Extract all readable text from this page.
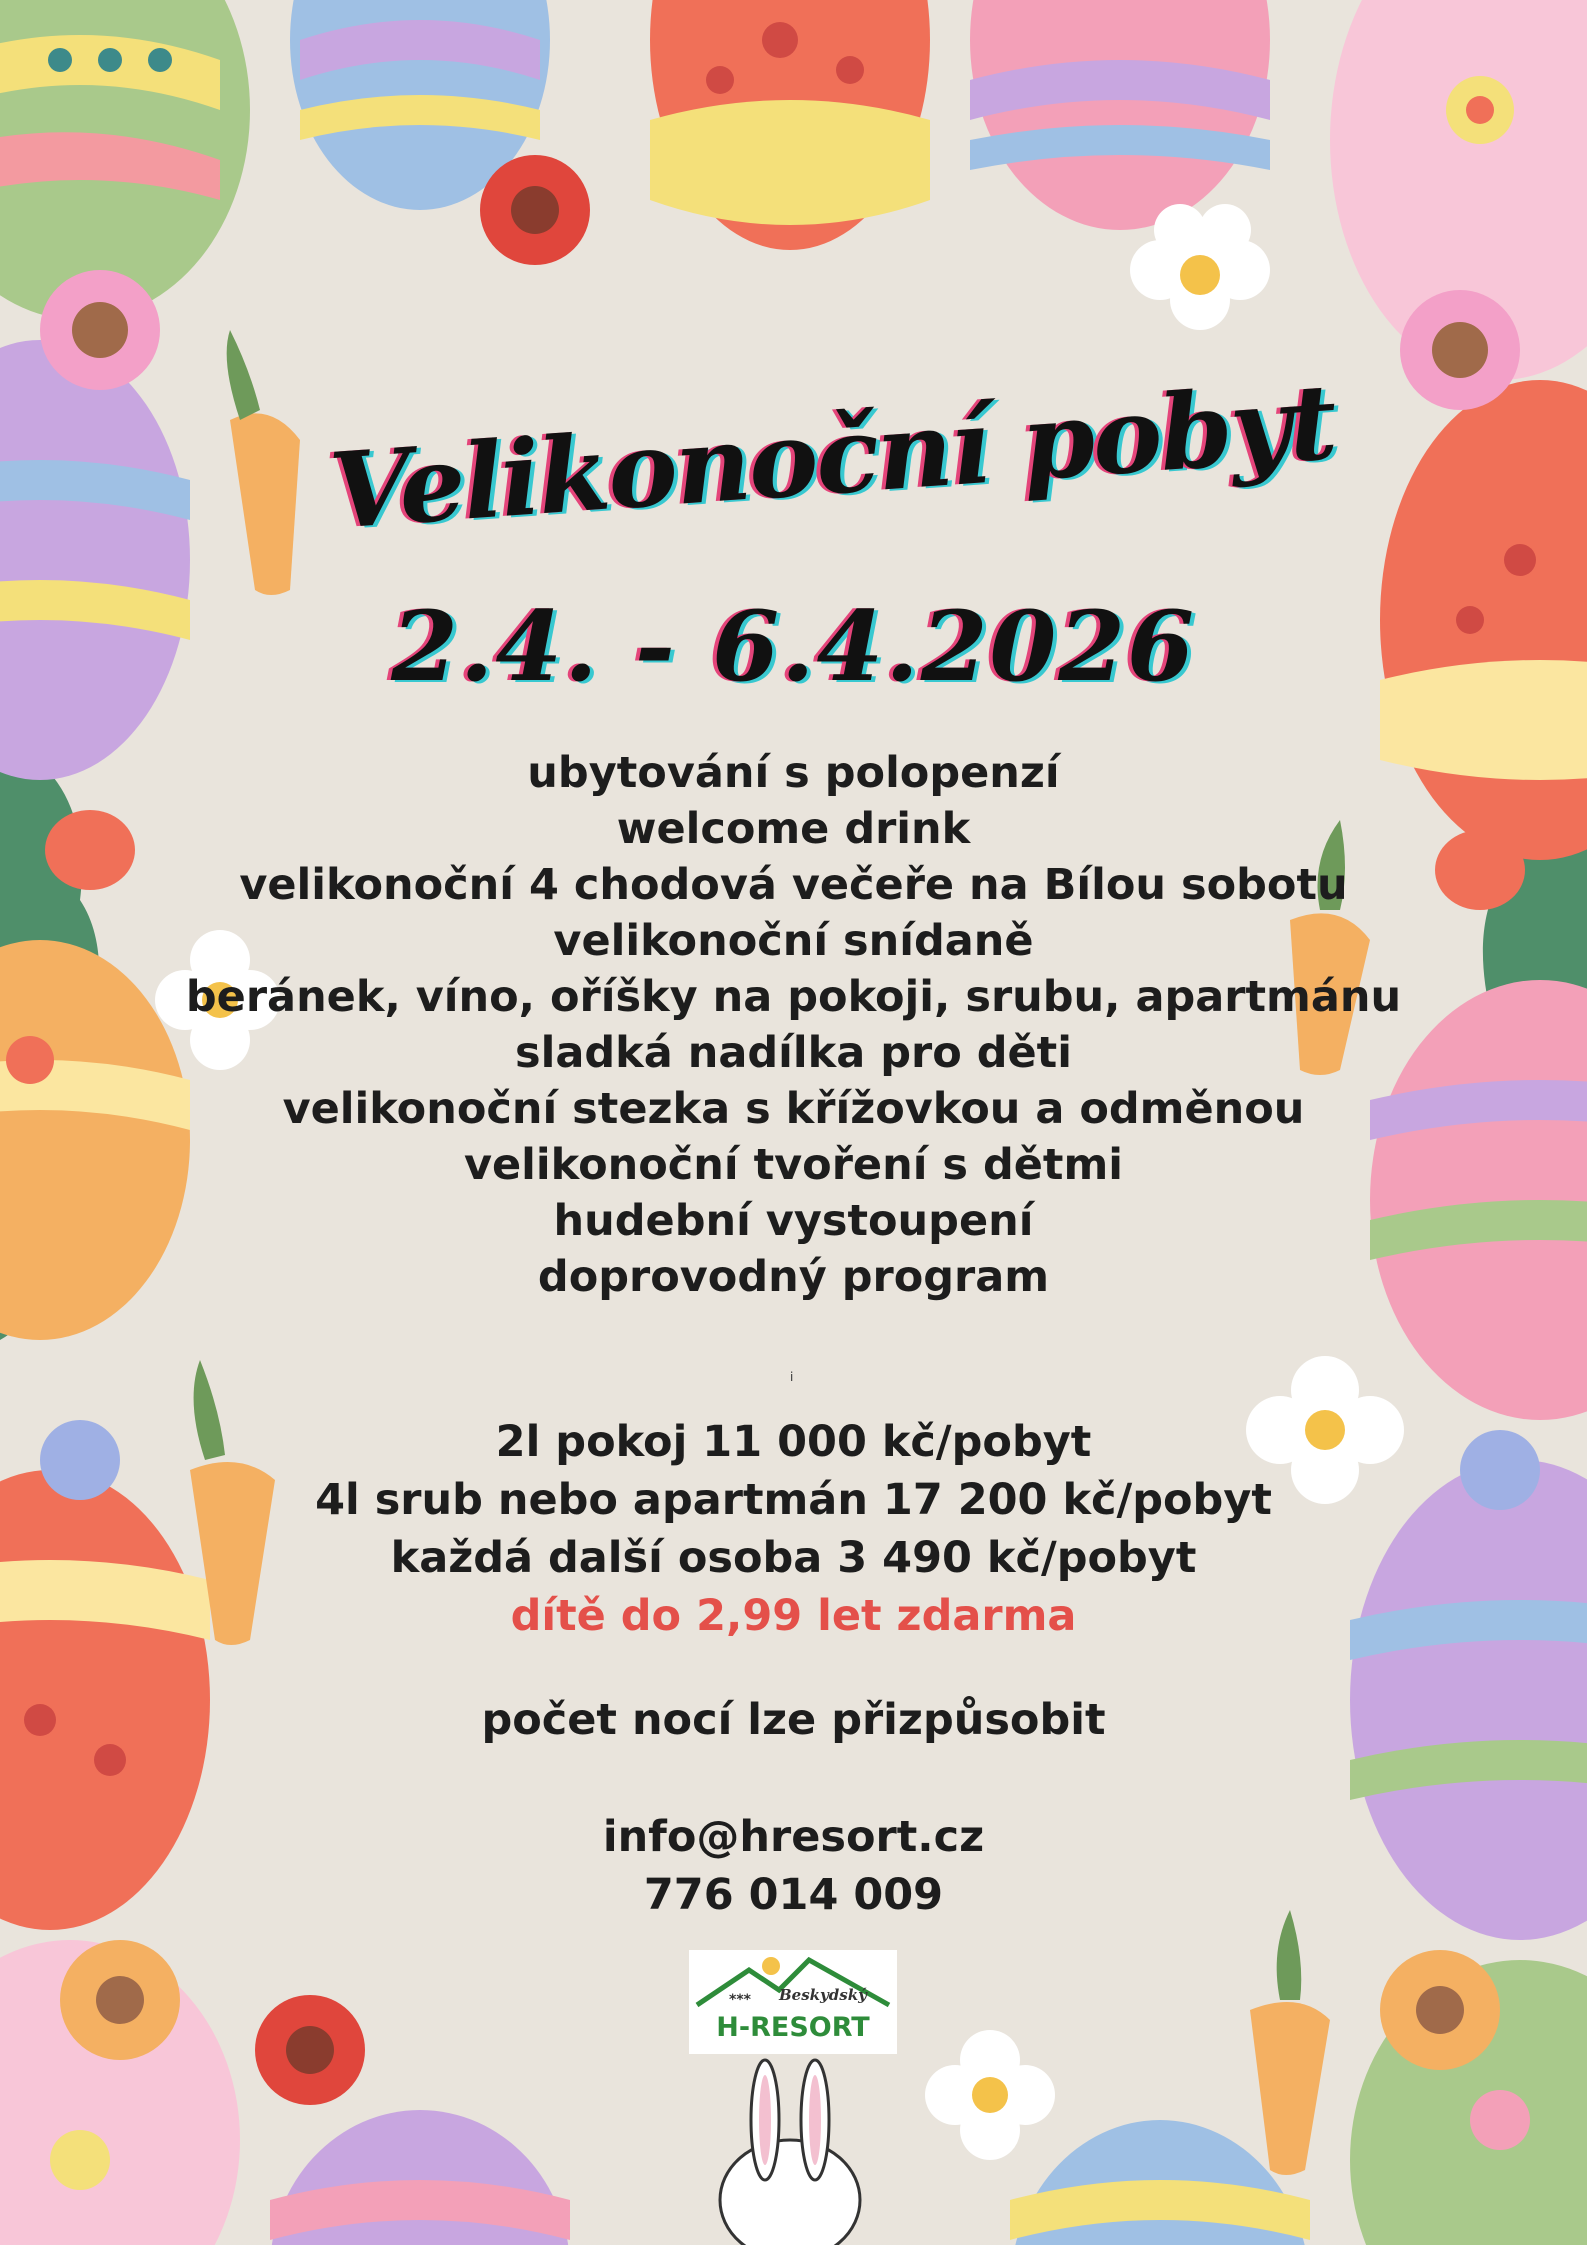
Velikonoční pobyt
2.4. - 6.4.2026
ubytování s polopenzí
welcome drink
velikonoční 4 chodová večeře na Bílou sobotu
velikonoční snídaně
beránek, víno, oříšky na pokoji, srubu, apartmánu
sladká nadílka pro děti
velikonoční stezka s křížovkou a odměnou
velikonoční tvoření s dětmi
hudební vystoupení
doprovodný program
i
2l pokoj 11 000 kč/pobyt
4l srub nebo apartmán 17 200 kč/pobyt
každá další osoba 3 490 kč/pobyt
dítě do 2,99 let zdarma
počet nocí lze přizpůsobit
info@hresort.cz
776 014 009
*** Beskydský
H-RESORT
